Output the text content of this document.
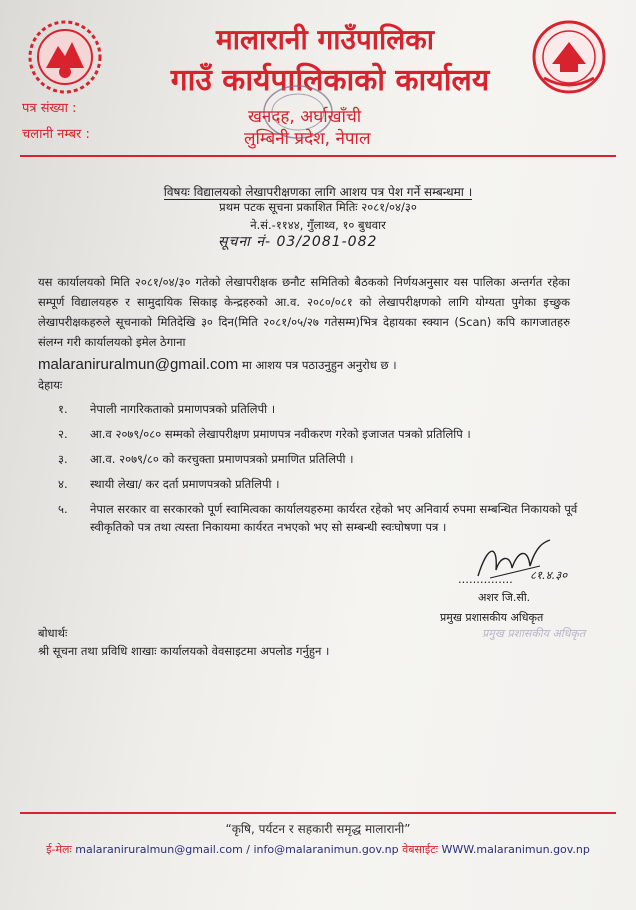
मालारानी गाउँपालिका
गाउँ कार्यपालिकाको कार्यालय
खनदह, अर्घाखाँची
लुम्बिनी प्रदेश, नेपाल
पत्र संख्या :
चलानी नम्बर :
विषयः विद्यालयको लेखापरीक्षणका लागि आशय पत्र पेश गर्ने सम्बन्धमा ।
प्रथम पटक सूचना प्रकाशित मितिः २०८१/०४/३०
ने.सं.-११४४, गुँलाथ्व, १० बुधवार
सूचना नं- 03/2081-082
यस कार्यालयको मिति २०८१/०४/३० गतेको लेखापरीक्षक छनौट समितिको बैठकको निर्णयअनुसार यस पालिका अन्तर्गत रहेका सम्पूर्ण विद्यालयहरु र सामुदायिक सिकाइ केन्द्रहरुको आ.व. २०८०/०८१ को लेखापरीक्षणको लागि योग्यता पुगेका इच्छुक लेखापरीक्षकहरुले सूचनाको मितिदेखि ३० दिन(मिति २०८१/०५/२७ गतेसम्म)भित्र देहायका स्क्यान (Scan) कपि कागजातहरु संलग्न गरी कार्यालयको इमेल ठेगाना
malaraniruralmun@gmail.com मा आशय पत्र पठाउनुहुन अनुरोध छ ।
देहायः
१. नेपाली नागरिकताको प्रमाणपत्रको प्रतिलिपी ।
२. आ.व २०७९/०८० सम्मको लेखापरीक्षण प्रमाणपत्र नवीकरण गरेको इजाजत पत्रको प्रतिलिपि ।
३. आ.व. २०७९/८० को करचुक्ता प्रमाणपत्रको प्रमाणित प्रतिलिपी ।
४. स्थायी लेखा/ कर दर्ता प्रमाणपत्रको प्रतिलिपी ।
५. नेपाल सरकार वा सरकारको पूर्ण स्वामित्वका कार्यालयहरुमा कार्यरत रहेको भए अनिवार्य रुपमा सम्बन्धित निकायको पूर्व स्वीकृतिको पत्र तथा त्यस्ता निकायमा कार्यरत नभएको भए सो सम्बन्धी स्वःघोषणा पत्र ।
............... ८१.४.३०
अशर जि.सी.
प्रमुख प्रशासकीय अधिकृत
प्रमुख प्रशासकीय अधिकृत
बोधार्थः
श्री सूचना तथा प्रविधि शाखाः कार्यालयको वेवसाइटमा अपलोड गर्नुहुन ।
“कृषि, पर्यटन र सहकारी समृद्ध मालारानी”
ई-मेलः malaraniruralmun@gmail.com / info@malaranimun.gov.np वेबसाईटः WWW.malaranimun.gov.np
